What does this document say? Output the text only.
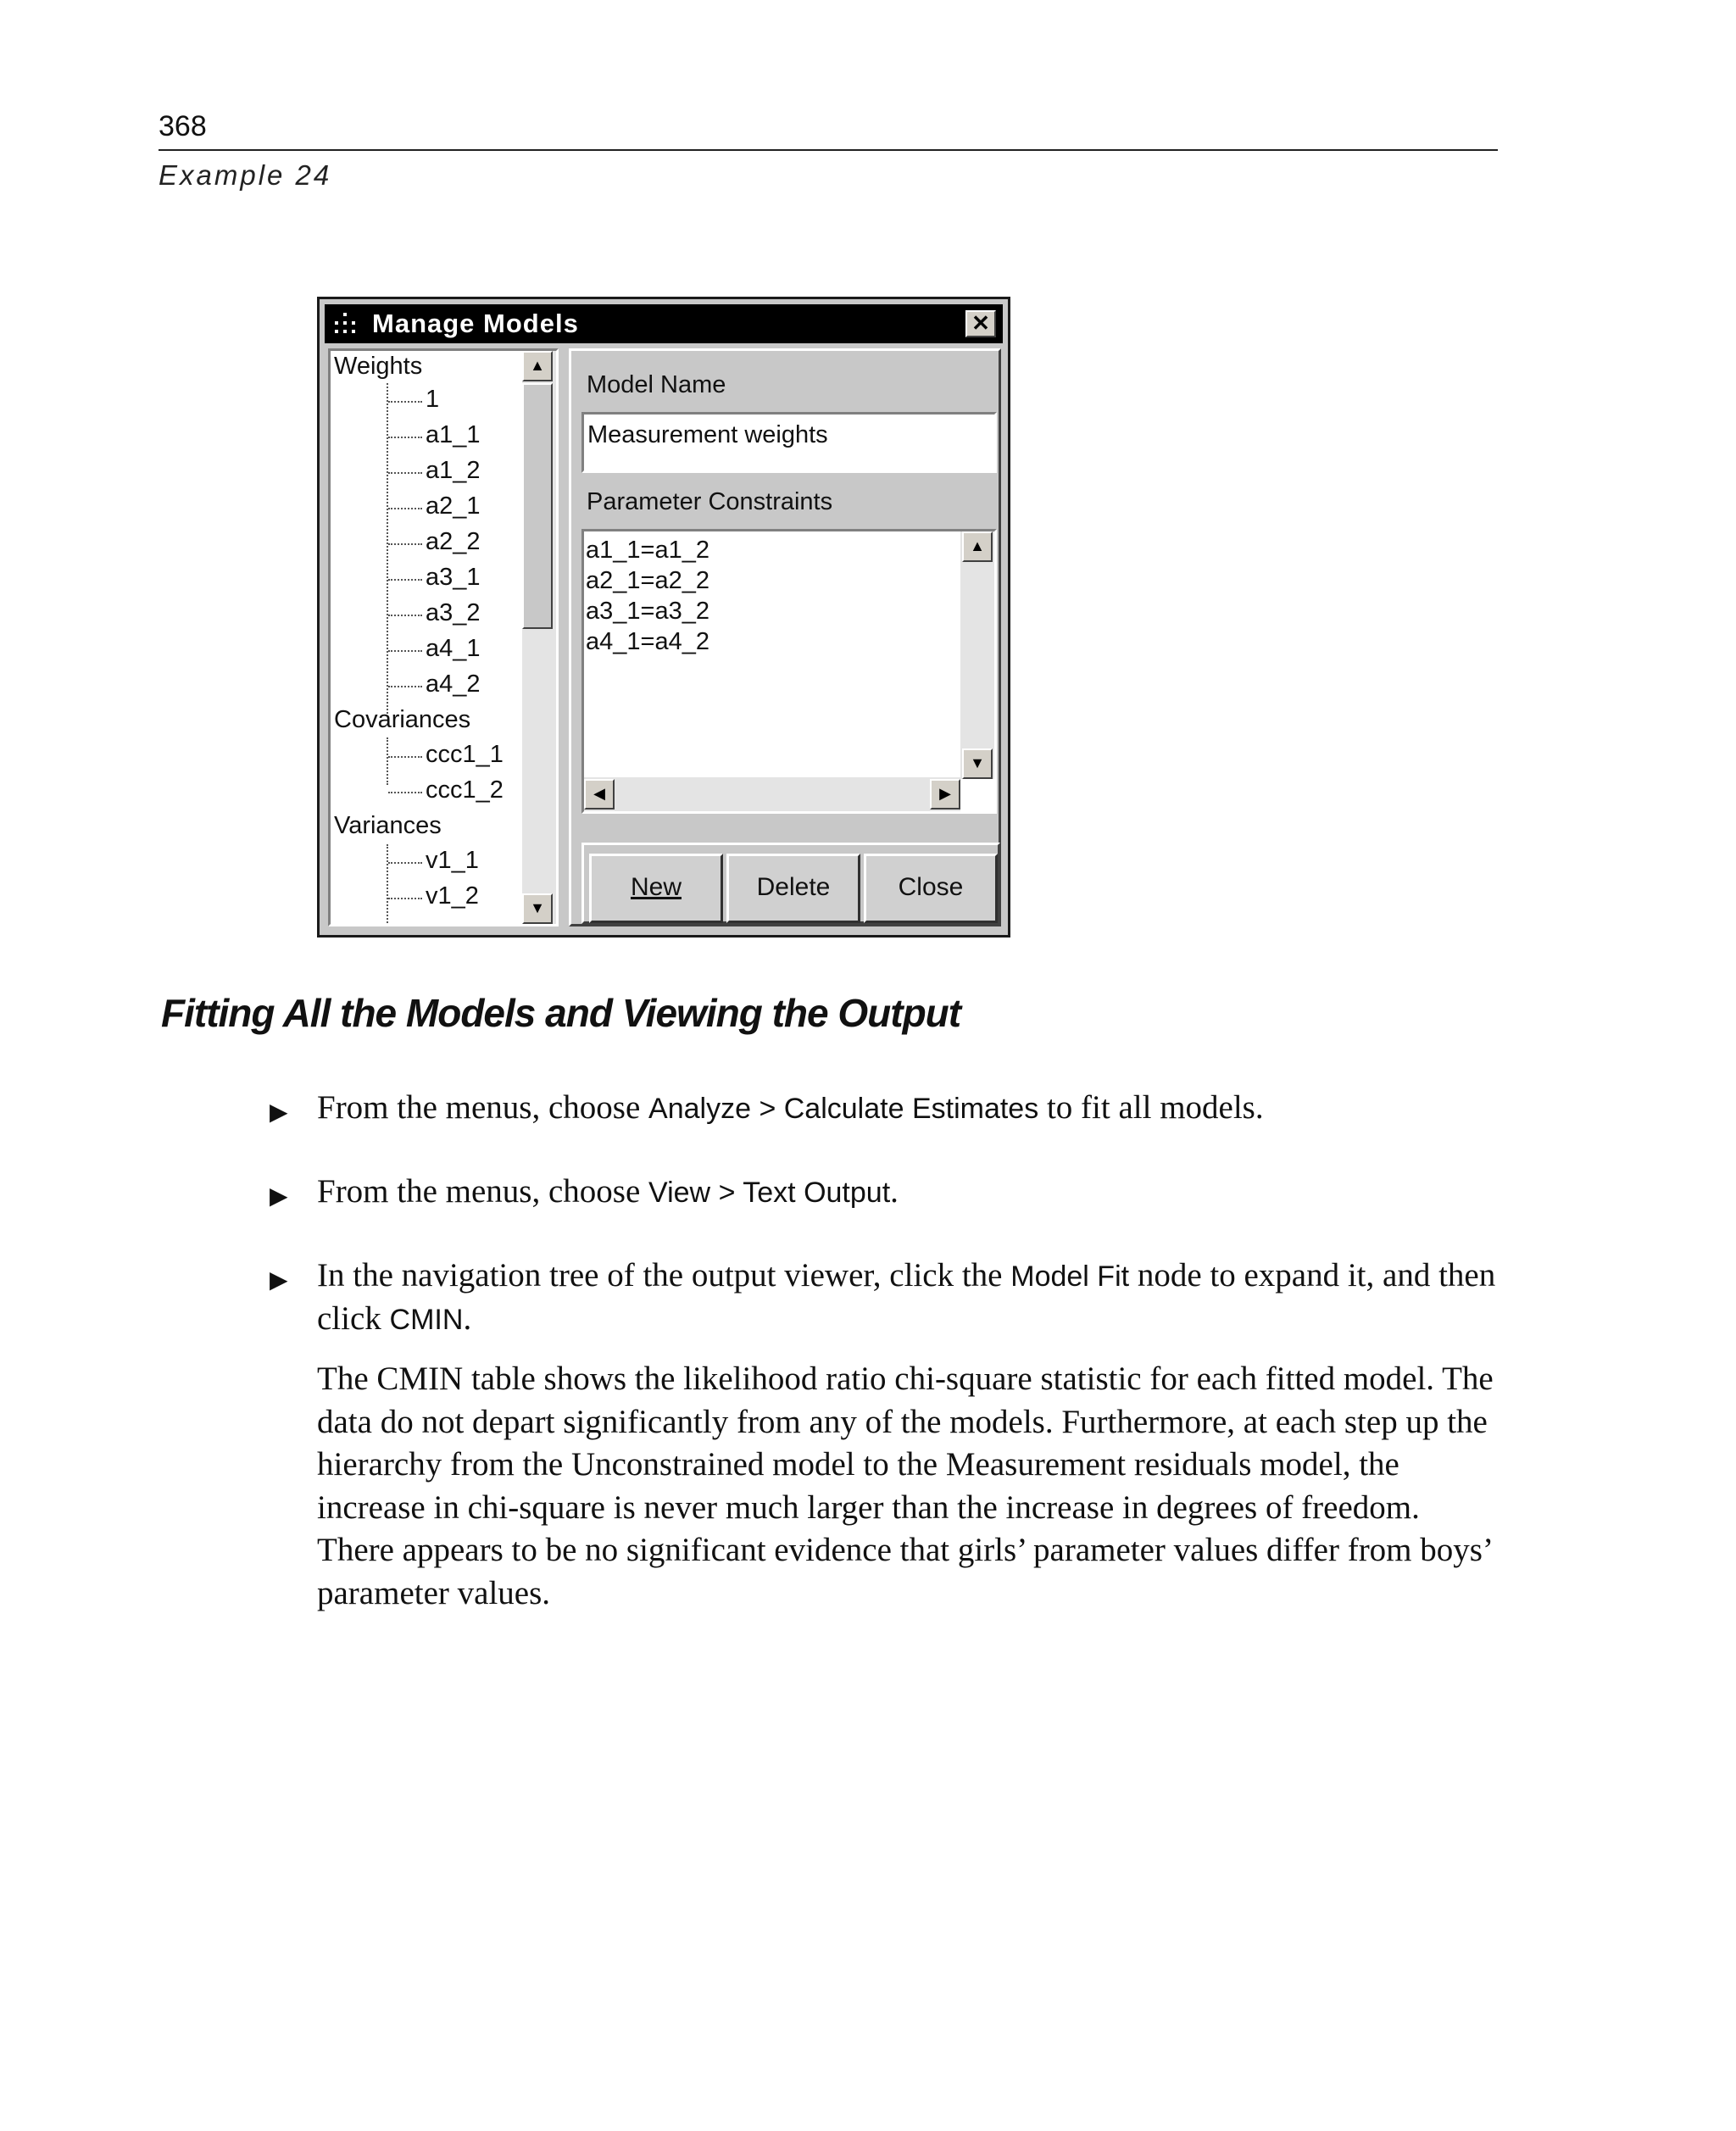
368
Example 24
Manage Models	✕
Weights
1
a1_1
a1_2
a2_1
a2_2
a3_1
a3_2
a4_1
a4_2
Covariances
ccc1_1
ccc1_2
Variances
v1_1
v1_2
▲
▼
Model Name
Measurement weights
Parameter Constraints
a1_1=a1_2
a2_1=a2_2
a3_1=a3_2
a4_1=a4_2
▲
▼
◀	▶
New	Delete	Close
Fitting All the Models and Viewing the Output
▶ From the menus, choose Analyze > Calculate Estimates to fit all models.
▶ From the menus, choose View > Text Output.
▶ In the navigation tree of the output viewer, click the Model Fit node to expand it, and then click CMIN.
The CMIN table shows the likelihood ratio chi-square statistic for each fitted model. The data do not depart significantly from any of the models. Furthermore, at each step up the hierarchy from the Unconstrained model to the Measurement residuals model, the increase in chi-square is never much larger than the increase in degrees of freedom. There appears to be no significant evidence that girls’ parameter values differ from boys’ parameter values.
